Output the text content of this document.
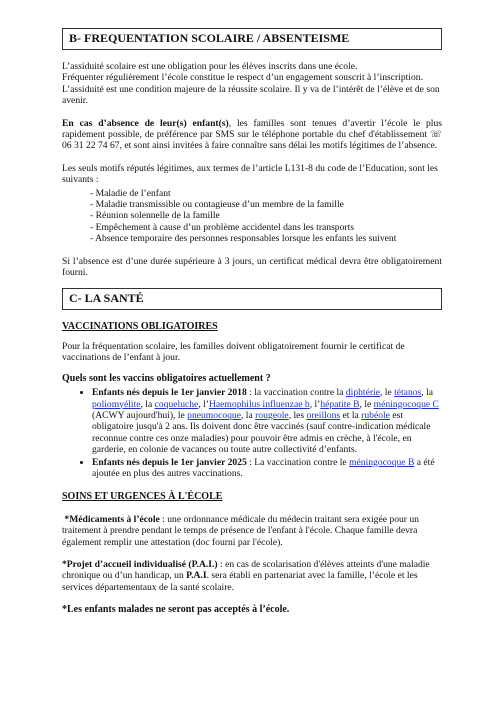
B- FREQUENTATION SCOLAIRE / ABSENTEISME

L’assiduité scolaire est une obligation pour les élèves inscrits dans une école.

Fréquenter régulièrement l’école constitue le respect d’un engagement souscrit à l’inscription.

L’assiduité est une condition majeure de la réussite scolaire. Il y va de l’intérêt de l’élève et de son avenir.

En cas d’absence de leur(s) enfant(s), les familles sont tenues d’avertir l’école le plus rapidement possible, de préférence par SMS sur le téléphone portable du chef d'établissement ☏ 06 31 22 74 67, et sont ainsi invitées à faire connaître sans délai les motifs légitimes de l’absence.

Les seuls motifs réputés légitimes, aux termes de l’article L131-8 du code de l’Education, sont les suivants :

- Maladie de l’enfant
- Maladie transmissible ou contagieuse d’un membre de la famille
- Réunion solennelle de la famille
- Empêchement à cause d’un problème accidentel dans les transports
- Absence temporaire des personnes responsables lorsque les enfants les suivent

Si l’absence est d’une durée supérieure à 3 jours, un certificat médical devra être obligatoirement fourni.

C- LA SANTÉ

VACCINATIONS OBLIGATOIRES

Pour la fréquentation scolaire, les familles doivent obligatoirement fournir le certificat de vaccinations de l’enfant à jour.

Quels sont les vaccins obligatoires actuellement ?

• Enfants nés depuis le 1er janvier 2018 : la vaccination contre la diphtérie, le tétanos, la poliomyélite, la coqueluche, l’Haemophilus influenzae b, l’hépatite B, le méningocoque C (ACWY aujourd'hui), le pneumocoque, la rougeole, les oreillons et la rubéole est obligatoire jusqu'à 2 ans. Ils doivent donc être vaccinés (sauf contre-indication médicale reconnue contre ces onze maladies) pour pouvoir être admis en crèche, à l'école, en garderie, en colonie de vacances ou toute autre collectivité d’enfants.
• Enfants nés depuis le 1er janvier 2025 : La vaccination contre le méningocoque B a été ajoutée en plus des autres vaccinations.

SOINS ET URGENCES À L'ÉCOLE

*Médicaments à l’école : une ordonnance médicale du médecin traitant sera exigée pour un traitement à prendre pendant le temps de présence de l'enfant à l'école. Chaque famille devra également remplir une attestation (doc fourni par l'école).

*Projet d’accueil individualisé (P.A.I.) : en cas de scolarisation d'élèves atteints d'une maladie chronique ou d’un handicap, un P.A.I. sera établi en partenariat avec la famille, l’école et les services départementaux de la santé scolaire.

*Les enfants malades ne seront pas acceptés à l’école.
